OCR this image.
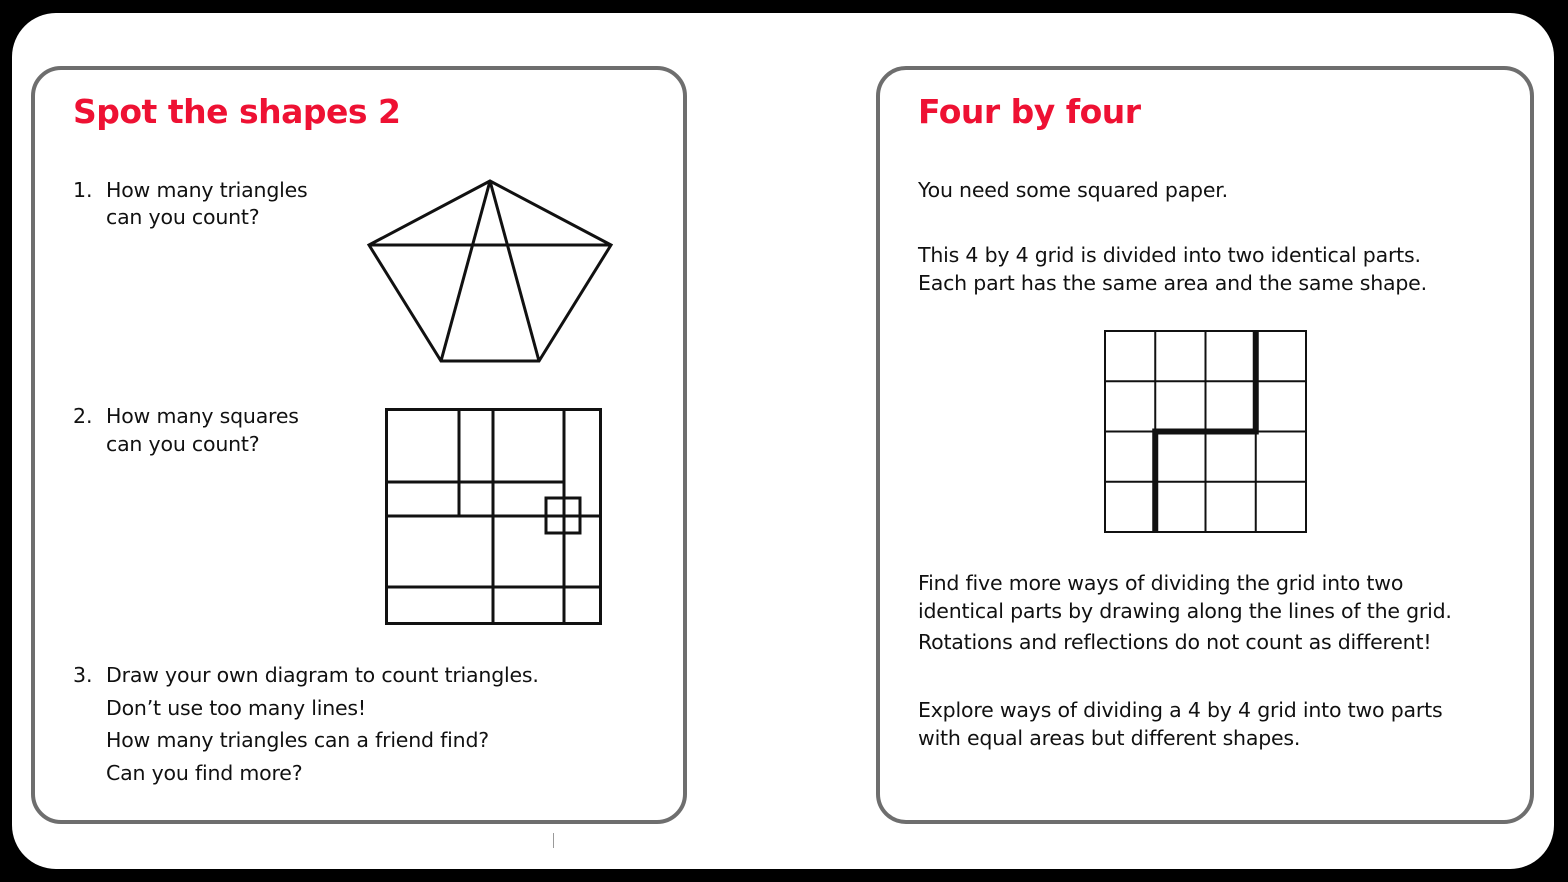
Spot the shapes 2
1. How many triangles
can you count?
2. How many squares
can you count?
3. Draw your own diagram to count triangles.
Don’t use too many lines!
How many triangles can a friend find?
Can you find more?
Four by four
You need some squared paper.
This 4 by 4 grid is divided into two identical parts.
Each part has the same area and the same shape.
Find five more ways of dividing the grid into two
identical parts by drawing along the lines of the grid.
Rotations and reflections do not count as different!
Explore ways of dividing a 4 by 4 grid into two parts
with equal areas but different shapes.
